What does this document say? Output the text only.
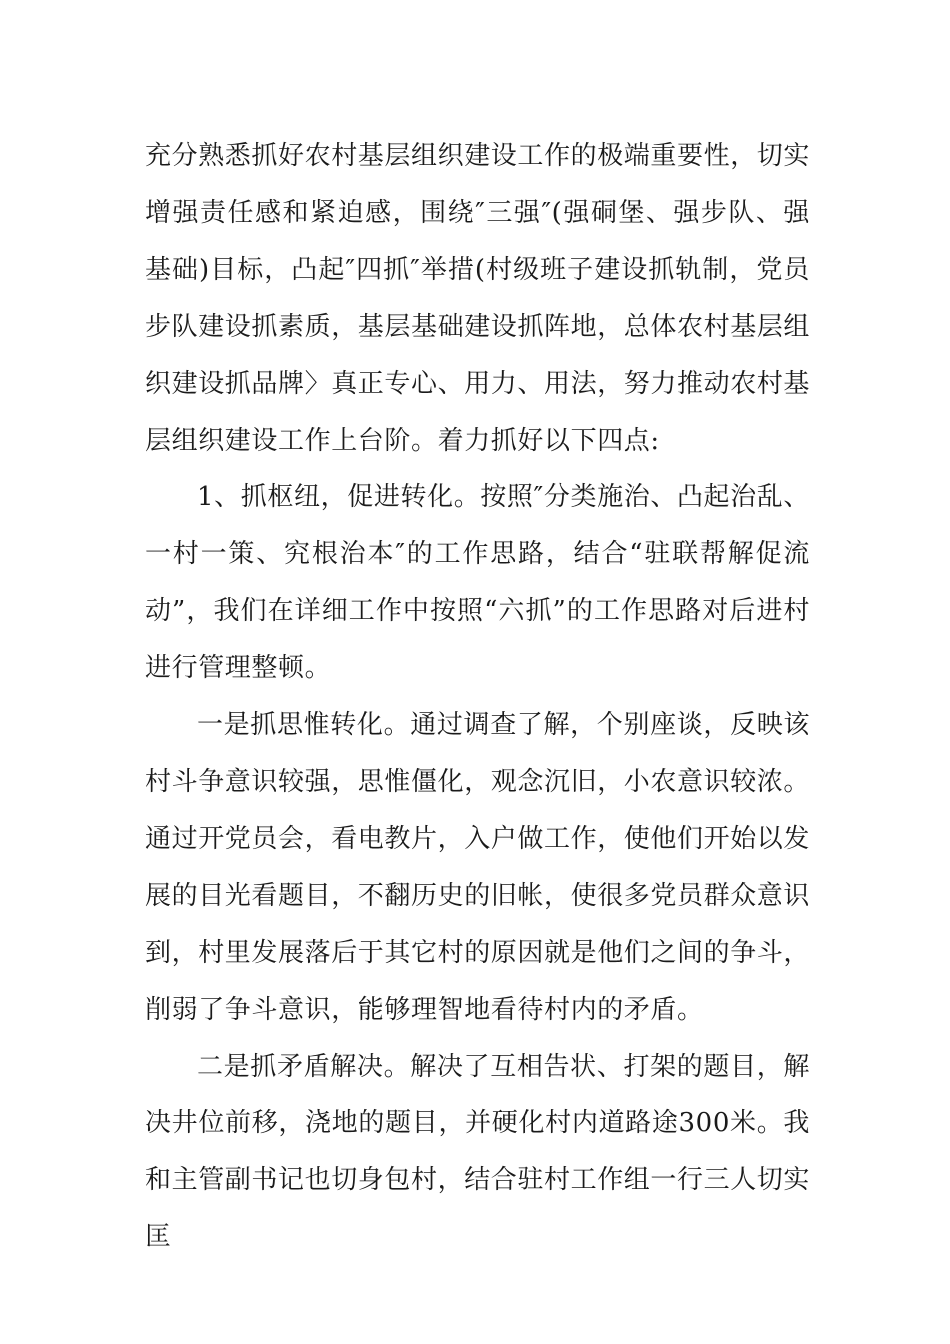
充分熟悉抓好农村基层组织建设工作的极端重要性，切实增强责任感和紧迫感，围绕″三强″(强硐堡、强步队、强基础)目标，凸起″四抓″举措(村级班子建设抓轨制，党员步队建设抓素质，基层基础建设抓阵地，总体农村基层组织建设抓品牌〉真正专心、用力、用法，努力推动农村基层组织建设工作上台阶。着力抓好以下四点:

1、抓枢纽，促进转化。按照″分类施治、凸起治乱、一村一策、究根治本″的工作思路，结合“驻联帮解促流动”，我们在详细工作中按照“六抓”的工作思路对后进村进行管理整顿。

一是抓思惟转化。通过调查了解，个别座谈，反映该村斗争意识较强，思惟僵化，观念沉旧，小农意识较浓。通过开党员会，看电教片，入户做工作，使他们开始以发展的目光看题目，不翻历史的旧帐，使很多党员群众意识到，村里发展落后于其它村的原因就是他们之间的争斗，削弱了争斗意识，能够理智地看待村内的矛盾。

二是抓矛盾解决。解决了互相告状、打架的题目，解决井位前移，浇地的题目，并硬化村内道路途300米。我和主管副书记也切身包村，结合驻村工作组一行三人切实匡
